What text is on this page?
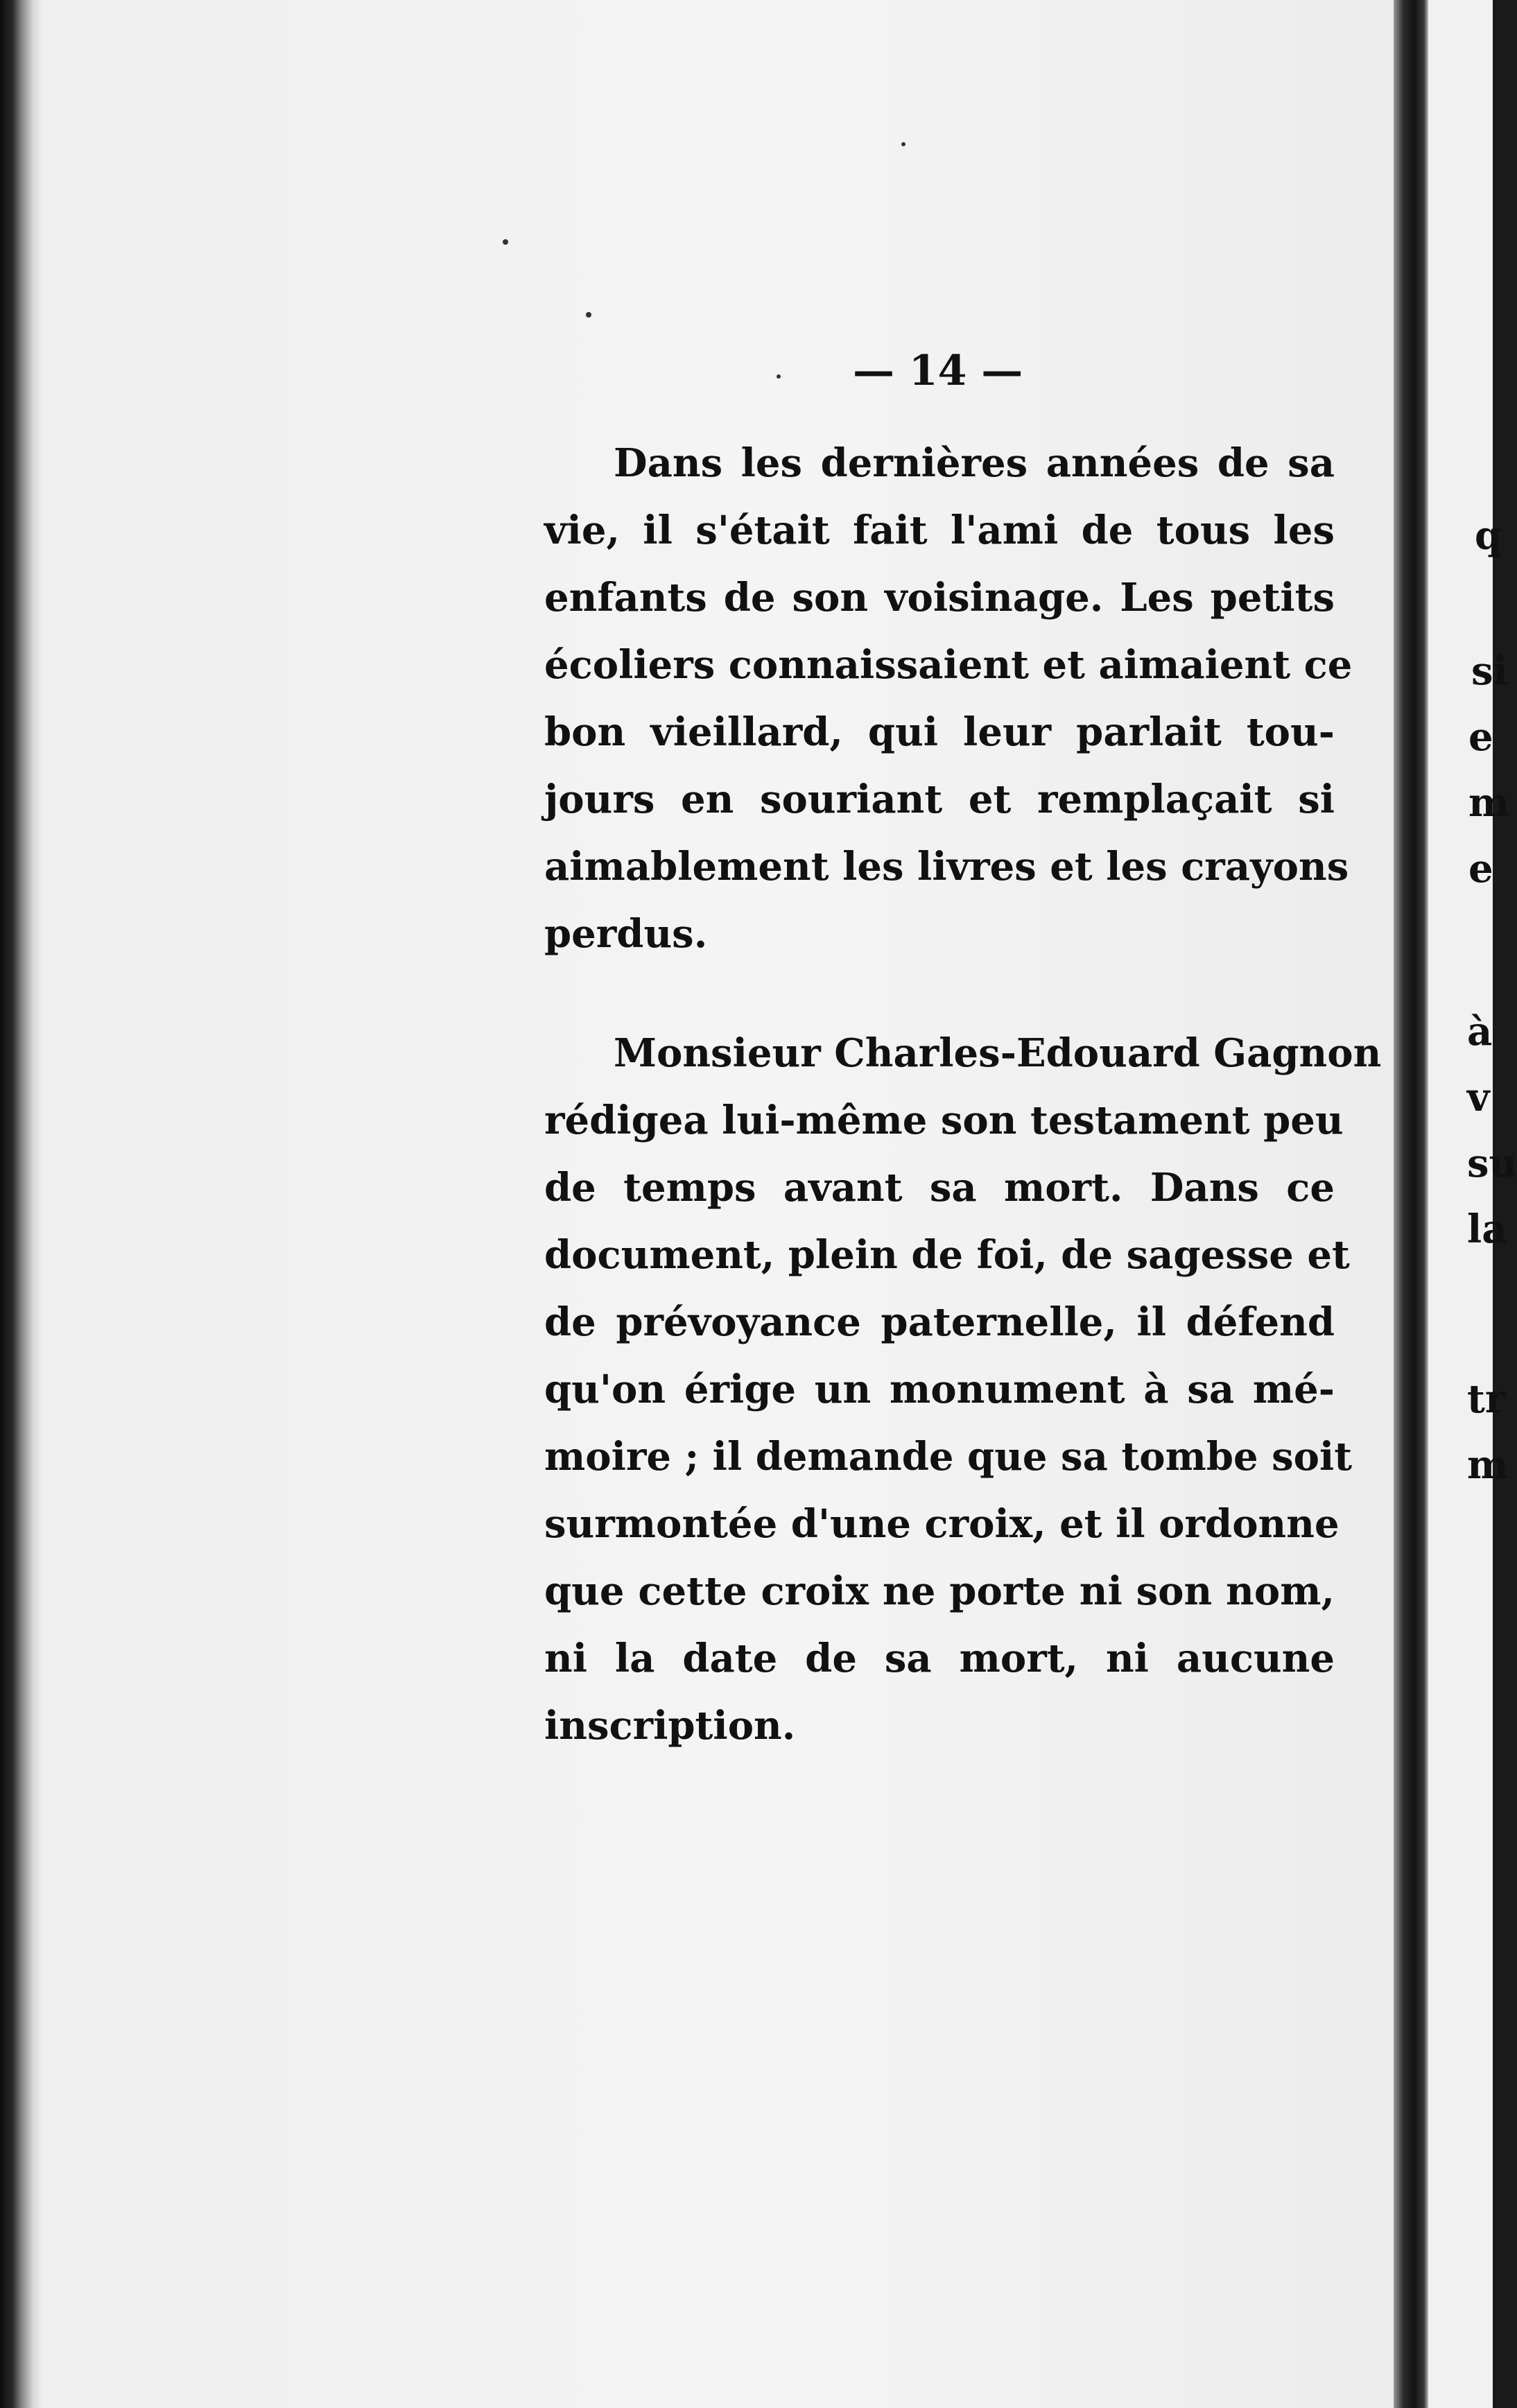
— 14 —

Dans les dernières années de sa
vie, il s'était fait l'ami de tous les
enfants de son voisinage. Les petits
écoliers connaissaient et aimaient ce
bon vieillard, qui leur parlait tou-
jours en souriant et remplaçait si
aimablement les livres et les crayons
perdus.

Monsieur Charles-Edouard Gagnon
rédigea lui-même son testament peu
de temps avant sa mort. Dans ce
document, plein de foi, de sagesse et
de prévoyance paternelle, il défend
qu'on érige un monument à sa mé-
moire ; il demande que sa tombe soit
surmontée d'une croix, et il ordonne
que cette croix ne porte ni son nom,
ni la date de sa mort, ni aucune
inscription.

q
si
e
m
e
à
v
su
la
tr
m
